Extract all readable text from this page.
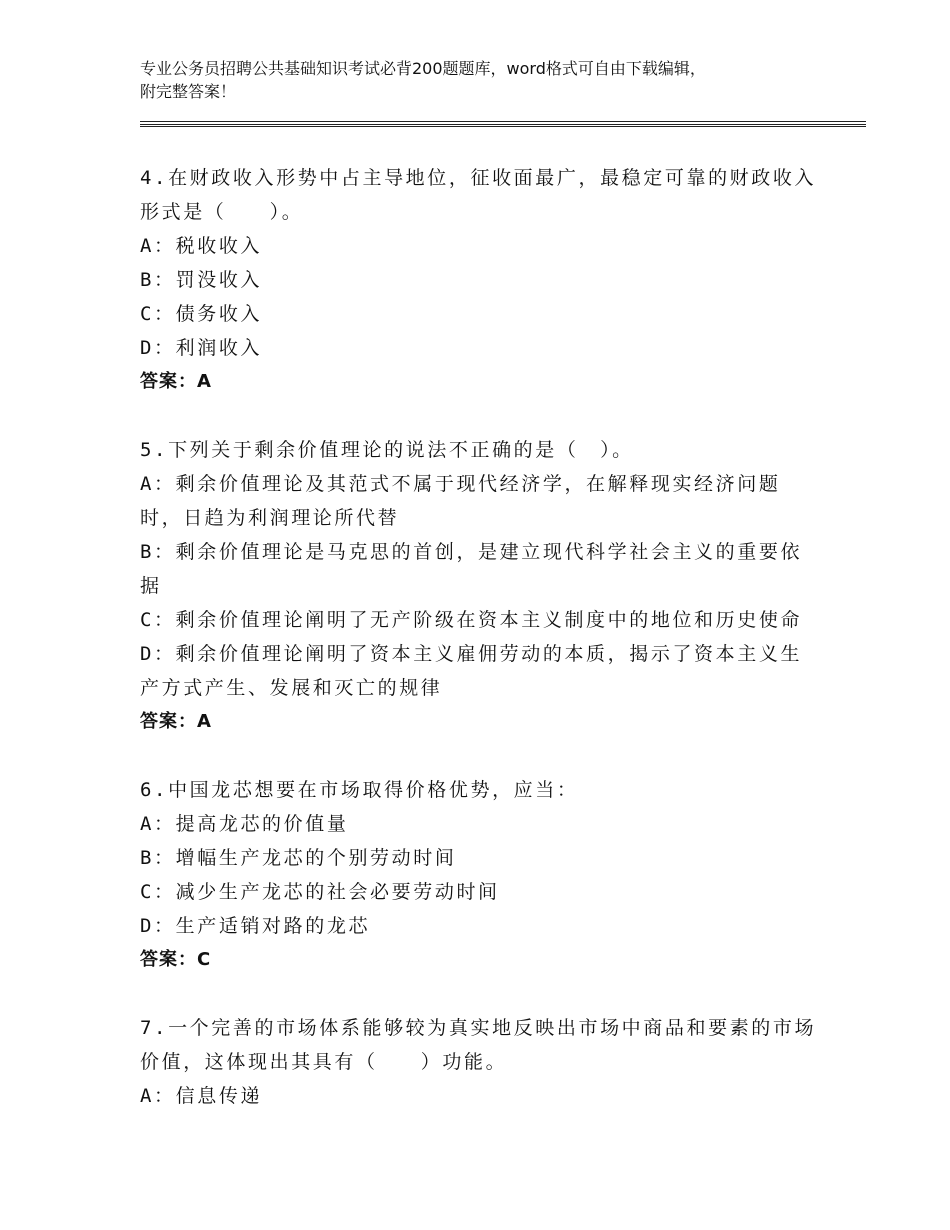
专业公务员招聘公共基础知识考试必背200题题库，word格式可自由下载编辑，
附完整答案！
4.在财政收入形势中占主导地位，征收面最广，最稳定可靠的财政收入形式是（　　）。
A：税收收入
B：罚没收入
C：债务收入
D：利润收入
答案：A
5.下列关于剩余价值理论的说法不正确的是（　）。
A：剩余价值理论及其范式不属于现代经济学，在解释现实经济问题时，日趋为利润理论所代替
B：剩余价值理论是马克思的首创，是建立现代科学社会主义的重要依据
C：剩余价值理论阐明了无产阶级在资本主义制度中的地位和历史使命
D：剩余价值理论阐明了资本主义雇佣劳动的本质，揭示了资本主义生产方式产生、发展和灭亡的规律
答案：A
6.中国龙芯想要在市场取得价格优势，应当：
A：提高龙芯的价值量
B：增幅生产龙芯的个别劳动时间
C：减少生产龙芯的社会必要劳动时间
D：生产适销对路的龙芯
答案：C
7.一个完善的市场体系能够较为真实地反映出市场中商品和要素的市场价值，这体现出其具有（　　）功能。
A：信息传递
